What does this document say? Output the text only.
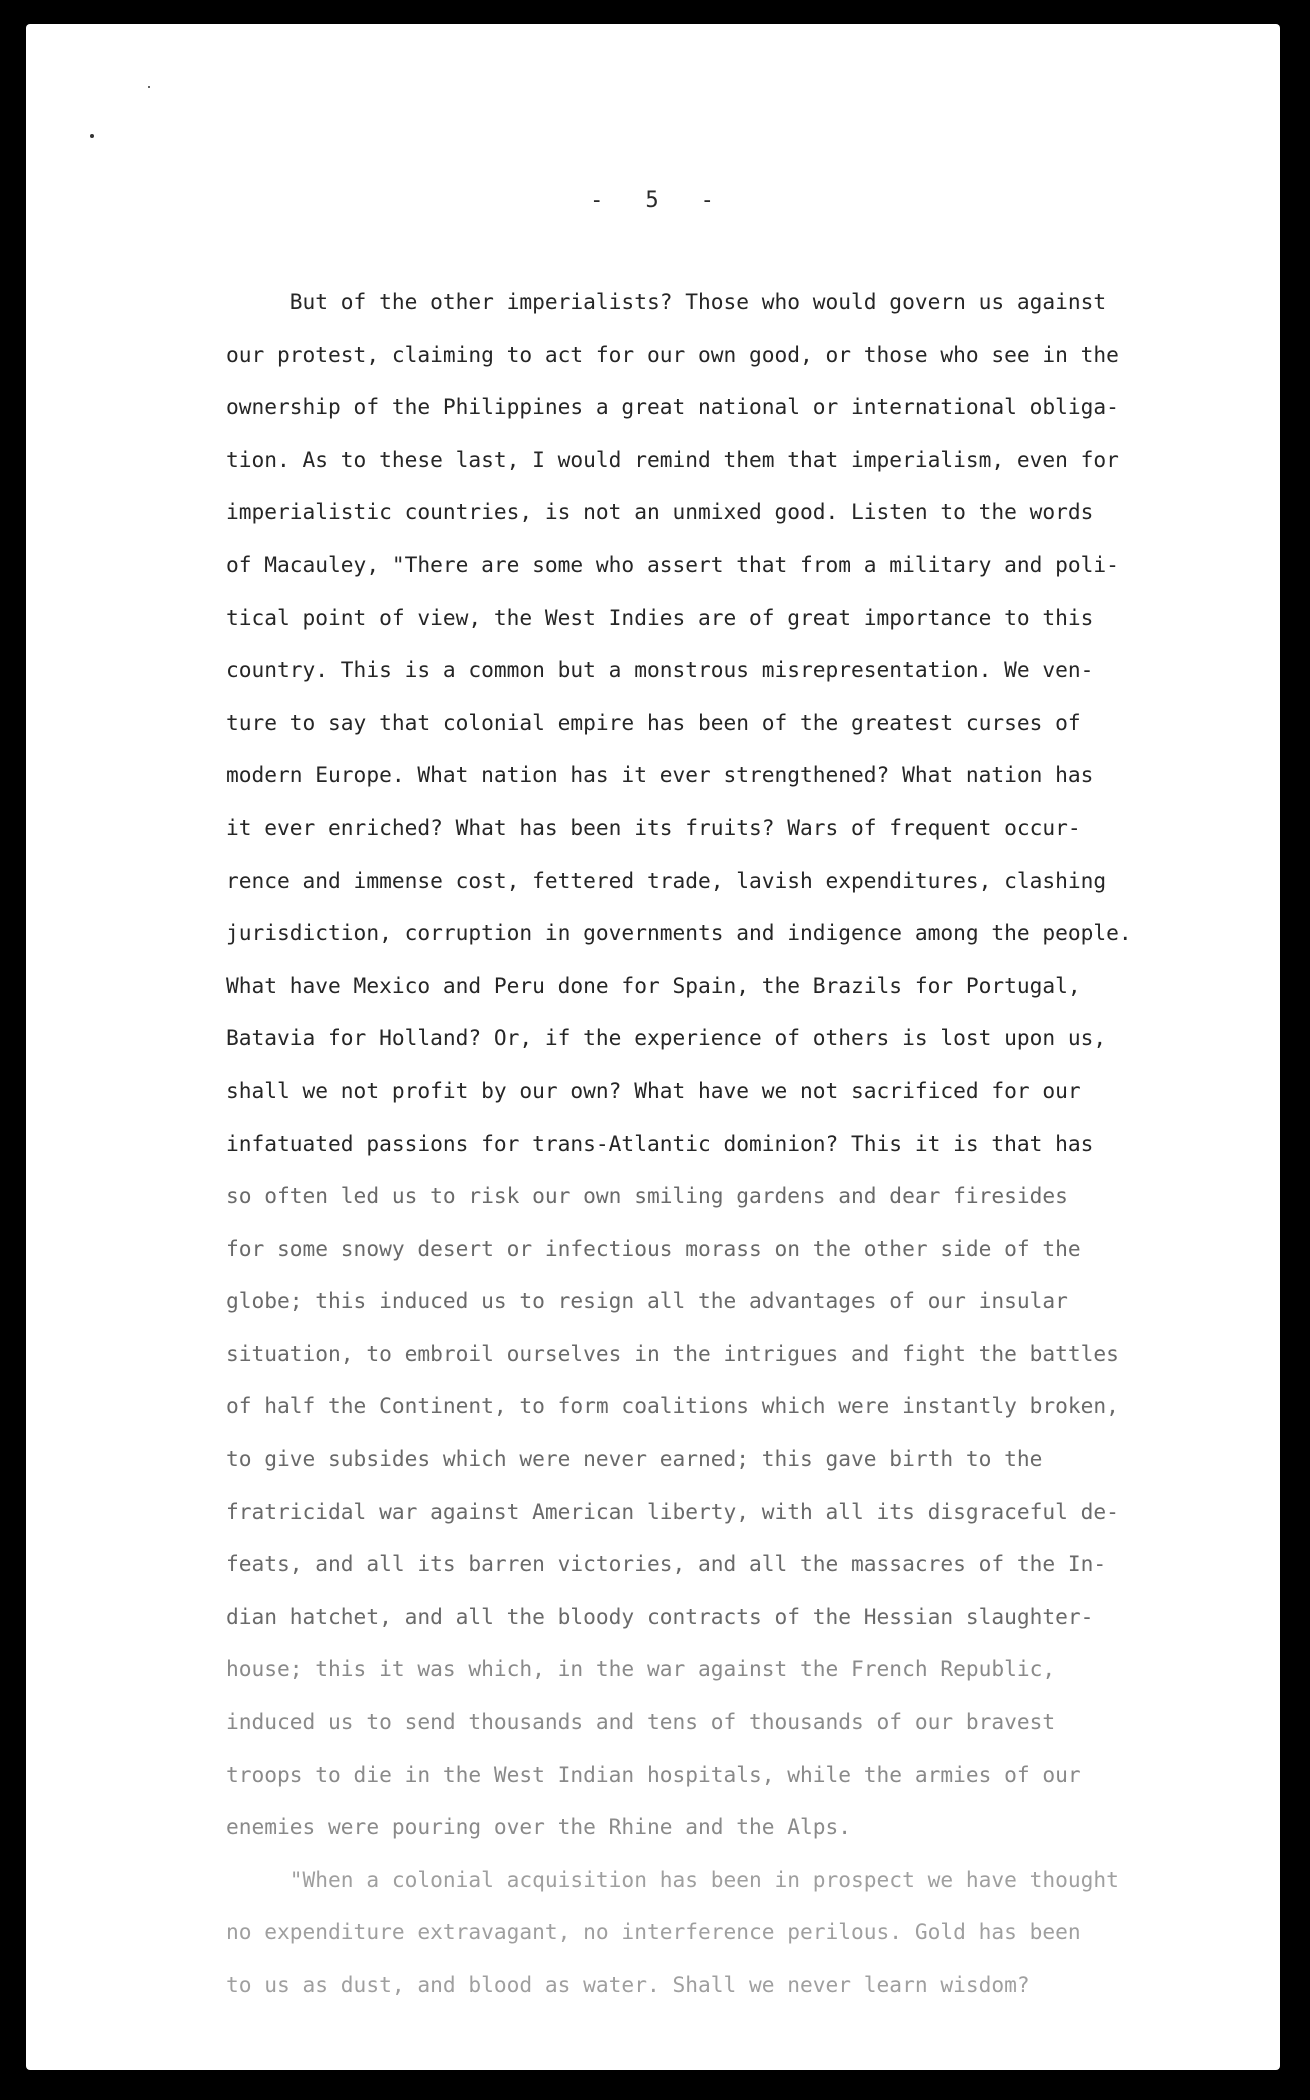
- 5 -
But of the other imperialists? Those who would govern us against
our protest, claiming to act for our own good, or those who see in the
ownership of the Philippines a great national or international obliga-
tion. As to these last, I would remind them that imperialism, even for
imperialistic countries, is not an unmixed good. Listen to the words
of Macauley, "There are some who assert that from a military and poli-
tical point of view, the West Indies are of great importance to this
country. This is a common but a monstrous misrepresentation. We ven-
ture to say that colonial empire has been of the greatest curses of
modern Europe. What nation has it ever strengthened? What nation has
it ever enriched? What has been its fruits? Wars of frequent occur-
rence and immense cost, fettered trade, lavish expenditures, clashing
jurisdiction, corruption in governments and indigence among the people.
What have Mexico and Peru done for Spain, the Brazils for Portugal,
Batavia for Holland? Or, if the experience of others is lost upon us,
shall we not profit by our own? What have we not sacrificed for our
infatuated passions for trans-Atlantic dominion? This it is that has
so often led us to risk our own smiling gardens and dear firesides
for some snowy desert or infectious morass on the other side of the
globe; this induced us to resign all the advantages of our insular
situation, to embroil ourselves in the intrigues and fight the battles
of half the Continent, to form coalitions which were instantly broken,
to give subsides which were never earned; this gave birth to the
fratricidal war against American liberty, with all its disgraceful de-
feats, and all its barren victories, and all the massacres of the In-
dian hatchet, and all the bloody contracts of the Hessian slaughter-
house; this it was which, in the war against the French Republic,
induced us to send thousands and tens of thousands of our bravest
troops to die in the West Indian hospitals, while the armies of our
enemies were pouring over the Rhine and the Alps.
"When a colonial acquisition has been in prospect we have thought
no expenditure extravagant, no interference perilous. Gold has been
to us as dust, and blood as water. Shall we never learn wisdom?
